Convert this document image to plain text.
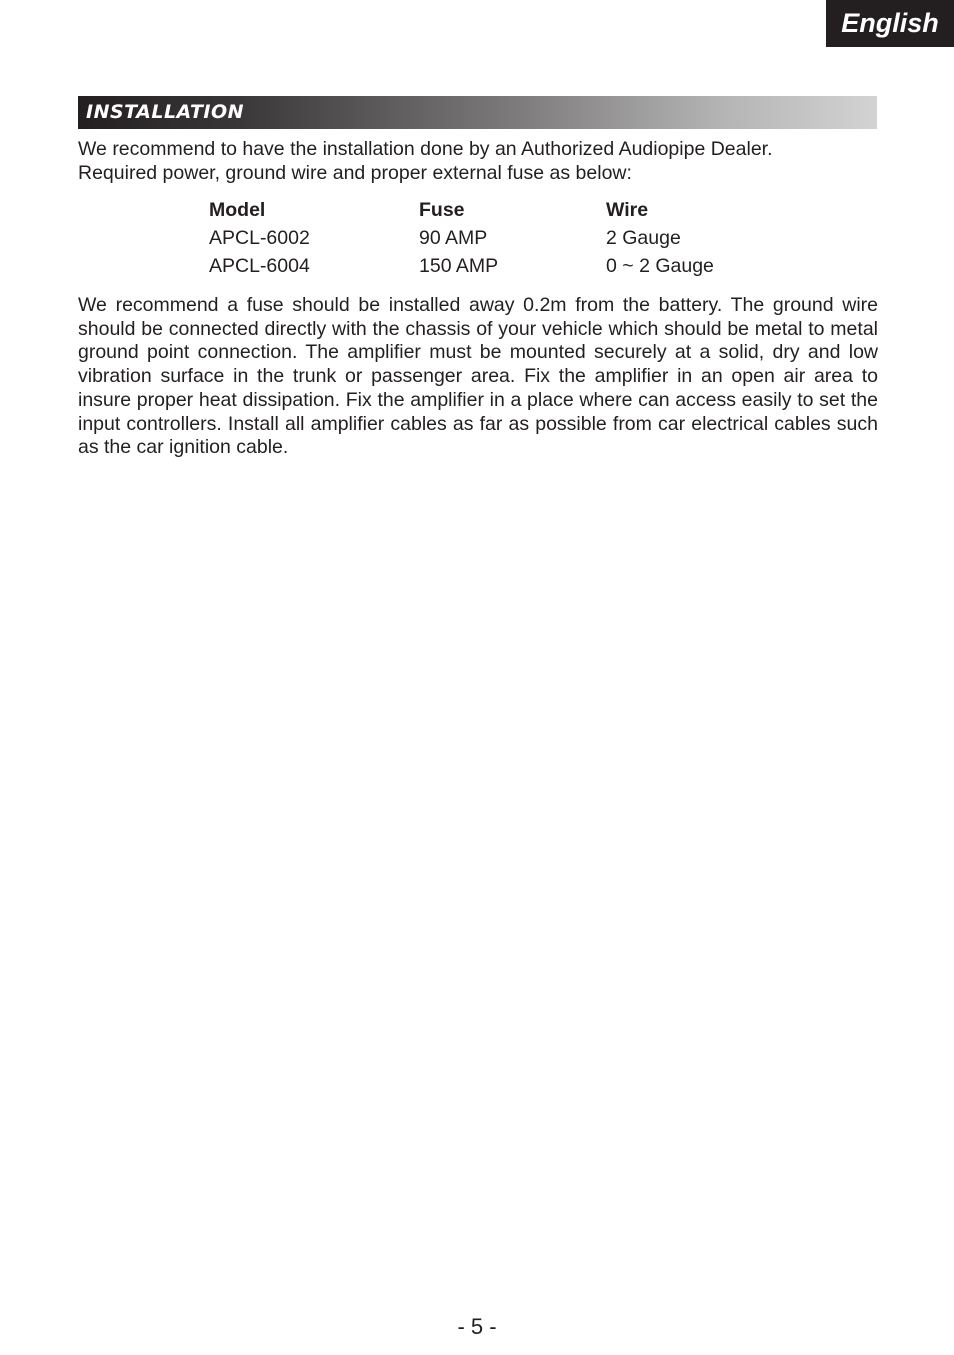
English
INSTALLATION

We recommend to have the installation done by an Authorized Audiopipe Dealer.

Required power, ground wire and proper external fuse as below:

Model	Fuse	Wire
APCL-6002	90 AMP	2 Gauge
APCL-6004	150 AMP	0 ~ 2 Gauge

We recommend a fuse should be installed away 0.2m from the battery. The ground wire should be connected directly with the chassis of your vehicle which should be metal to metal ground point connection. The amplifier must be mounted securely at a solid, dry and low vibration surface in the trunk or passenger area. Fix the amplifier in an open air area to insure proper heat dissipation. Fix the amplifier in a place where can access easily to set the input controllers. Install all amplifier cables as far as possible from car electrical cables such as the car ignition cable.

- 5 -
